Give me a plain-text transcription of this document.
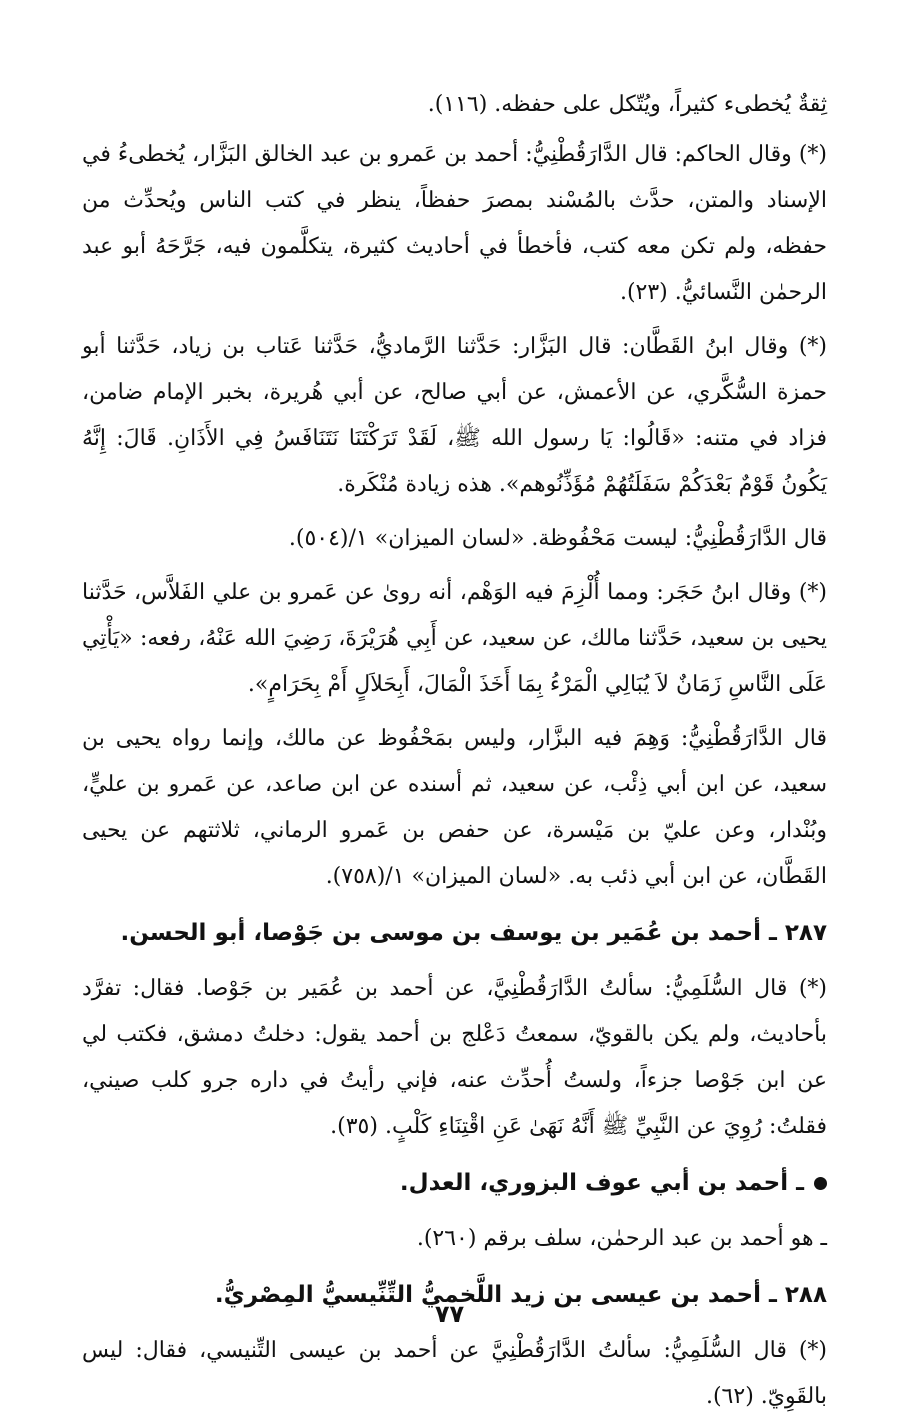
ثِقةٌ يُخطىء كثيراً، ويُتّكل على حفظه. (١١٦).

(*) وقال الحاكم: قال الدَّارَقُطْنِيُّ: أحمد بن عَمرو بن عبد الخالق البَزَّار، يُخطىءُ في الإسناد والمتن، حدَّث بالمُسْند بمصرَ حفظاً، ينظر في كتب الناس ويُحدِّث من حفظه، ولم تكن معه كتب، فأخطأ في أحاديث كثيرة، يتكلَّمون فيه، جَرَّحَهُ أبو عبد الرحمٰن النَّسائيُّ. (٢٣).

(*) وقال ابنُ القَطَّان: قال البَزَّار: حَدَّثنا الرَّماديُّ، حَدَّثنا عَتاب بن زياد، حَدَّثنا أبو حمزة السُّكَّري، عن الأعمش، عن أبي صالح، عن أبي هُريرة، بخبر الإمام ضامن، فزاد في متنه: «قَالُوا: يَا رسول الله ﷺ، لَقَدْ تَرَكْتَنَا نَتَنَافَسُ فِي الأَذَانِ. قَالَ: إِنَّهُ يَكُونُ قَوْمٌ بَعْدَكُمْ سَفَلَتُهُمْ مُؤَذِّنُوهم». هذه زيادة مُنْكَرة.

قال الدَّارَقُطْنِيُّ: ليست مَحْفُوظة. «لسان الميزان» ١/(٥٠٤).

(*) وقال ابنُ حَجَر: ومما أُلْزِمَ فيه الوَهْم، أنه روىٰ عن عَمرو بن علي الفَلاَّس، حَدَّثنا يحيى بن سعيد، حَدَّثنا مالك، عن سعيد، عن أَبِي هُرَيْرَةَ، رَضِيَ الله عَنْهُ، رفعه: «يَأْتِي عَلَى النَّاسِ زَمَانٌ لاَ يُبَالِي الْمَرْءُ بِمَا أَخَذَ الْمَالَ، أَبِحَلاَلٍ أَمْ بِحَرَامٍ».

قال الدَّارَقُطْنِيُّ: وَهِمَ فيه البزَّار، وليس بمَحْفُوظ عن مالك، وإنما رواه يحيى بن سعيد، عن ابن أبي ذِئْب، عن سعيد، ثم أسنده عن ابن صاعد، عن عَمرو بن عليٍّ، وبُنْدار، وعن عليّ بن مَيْسرة، عن حفص بن عَمرو الرماني، ثلاثتهم عن يحيى القَطَّان، عن ابن أبي ذئب به. «لسان الميزان» ١/(٧٥٨).

٢٨٧ ـ أحمد بن عُمَير بن يوسف بن موسى بن جَوْصا، أبو الحسن.

(*) قال السُّلَمِيُّ: سألتُ الدَّارَقُطْنِيَّ، عن أحمد بن عُمَير بن جَوْصا. فقال: تفرَّد بأحاديث، ولم يكن بالقويّ، سمعتُ دَعْلج بن أحمد يقول: دخلتُ دمشق، فكتب لي عن ابن جَوْصا جزءاً، ولستُ أُحدِّث عنه، فإني رأيتُ في داره جرو كلب صيني، فقلتُ: رُوِيَ عن النَّبِيِّ ﷺ أَنَّهُ نَهَىٰ عَنِ اقْتِنَاءِ كَلْبٍ. (٣٥).

ـ أحمد بن أبي عوف البزوري، العدل.

ـ هو أحمد بن عبد الرحمٰن، سلف برقم (٢٦٠).

٢٨٨ ـ أحمد بن عيسى بن زيد اللَّخميُّ التِّنِّيسيُّ المِصْريُّ.

(*) قال السُّلَمِيُّ: سألتُ الدَّارَقُطْنِيَّ عن أحمد بن عيسى التِّنيسي، فقال: ليس بالقَوِيّ. (٦٢).

٧٧
